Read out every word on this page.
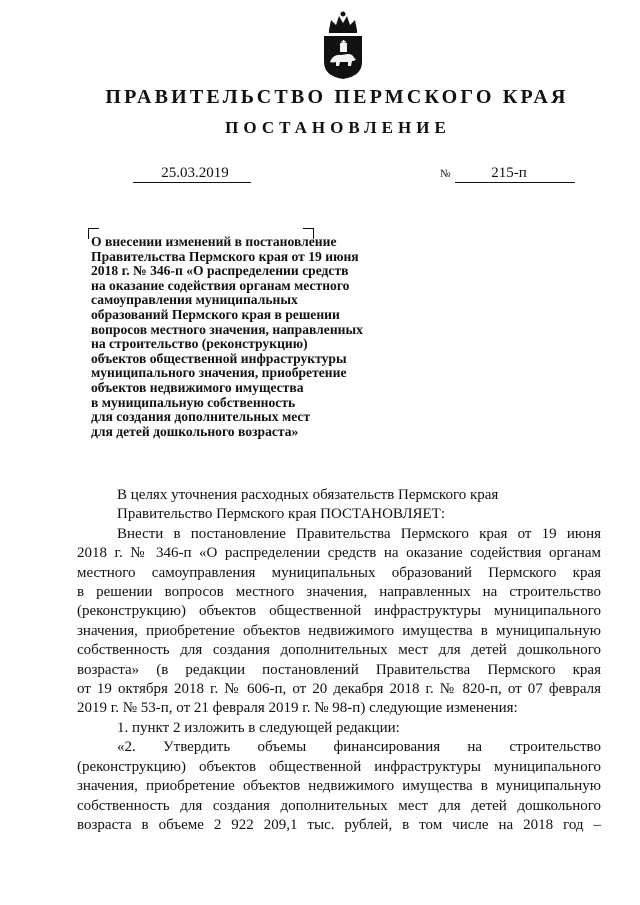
ПРАВИТЕЛЬСТВО ПЕРМСКОГО КРАЯ
ПОСТАНОВЛЕНИЕ
25.03.2019	№	215-п
О внесении изменений в постановление
Правительства Пермского края от 19 июня
2018 г. № 346-п «О распределении средств
на оказание содействия органам местного
самоуправления муниципальных
образований Пермского края в решении
вопросов местного значения, направленных
на строительство (реконструкцию)
объектов общественной инфраструктуры
муниципального значения, приобретение
объектов недвижимого имущества
в муниципальную собственность
для создания дополнительных мест
для детей дошкольного возраста»
В целях уточнения расходных обязательств Пермского края
Правительство Пермского края ПОСТАНОВЛЯЕТ:
Внести в постановление Правительства Пермского края от 19 июня
2018 г. № 346-п «О распределении средств на оказание содействия органам
местного самоуправления муниципальных образований Пермского края
в решении вопросов местного значения, направленных на строительство
(реконструкцию) объектов общественной инфраструктуры муниципального
значения, приобретение объектов недвижимого имущества в муниципальную
собственность для создания дополнительных мест для детей дошкольного
возраста» (в редакции постановлений Правительства Пермского края
от 19 октября 2018 г. № 606-п, от 20 декабря 2018 г. № 820-п, от 07 февраля
2019 г. № 53-п, от 21 февраля 2019 г. № 98-п) следующие изменения:
1. пункт 2 изложить в следующей редакции:
«2. Утвердить объемы финансирования на строительство
(реконструкцию) объектов общественной инфраструктуры муниципального
значения, приобретение объектов недвижимого имущества в муниципальную
собственность для создания дополнительных мест для детей дошкольного
возраста в объеме 2 922 209,1 тыс. рублей, в том числе на 2018 год –
